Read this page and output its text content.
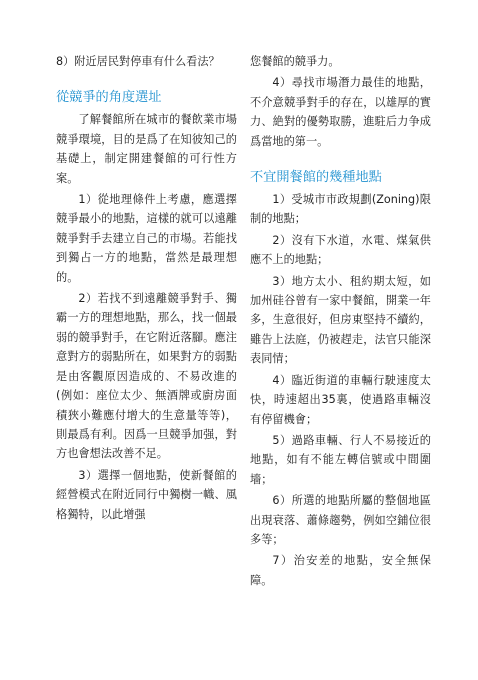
8）附近居民對停車有什么看法？

從競爭的角度選址

了解餐館所在城市的餐飲業市場競爭環境，目的是爲了在知彼知己的基礎上，制定開建餐館的可行性方案。

1）從地理條件上考慮，應選擇競爭最小的地點，這樣的就可以遠離競爭對手去建立自己的市場。若能找到獨占一方的地點，當然是最理想的。

2）若找不到遠離競爭對手、獨霸一方的理想地點，那么，找一個最弱的競爭對手，在它附近落腳。應注意對方的弱點所在，如果對方的弱點是由客觀原因造成的、不易改進的(例如：座位太少、無酒牌或廚房面積狹小難應付增大的生意量等等)，則最爲有利。因爲一旦競爭加强，對方也會想法改善不足。

3）選擇一個地點，使新餐館的經營模式在附近同行中獨樹一幟、風格獨特，以此增强

您餐館的競爭力。

4）尋找市場潛力最佳的地點，不介意競爭對手的存在，以雄厚的實力、絶對的優勢取勝，進駐后力争成爲當地的第一。

不宜開餐館的幾種地點

1）受城市市政規劃(Zoning)限制的地點；

2）沒有下水道，水電、煤氣供應不上的地點；

3）地方太小、租約期太短，如加州硅谷曾有一家中餐館，開業一年多，生意很好，但房東堅持不續約，雖告上法庭，仍被趕走，法官只能深表同情；

4）臨近街道的車輛行駛速度太快，時速超出35裏，使過路車輛沒有停留機會；

5）過路車輛、行人不易接近的地點，如有不能左轉信號或中間圍墻；

6）所選的地點所屬的整個地區出現衰落、蕭條趨勢，例如空鋪位很多等；

7）治安差的地點，安全無保障。
